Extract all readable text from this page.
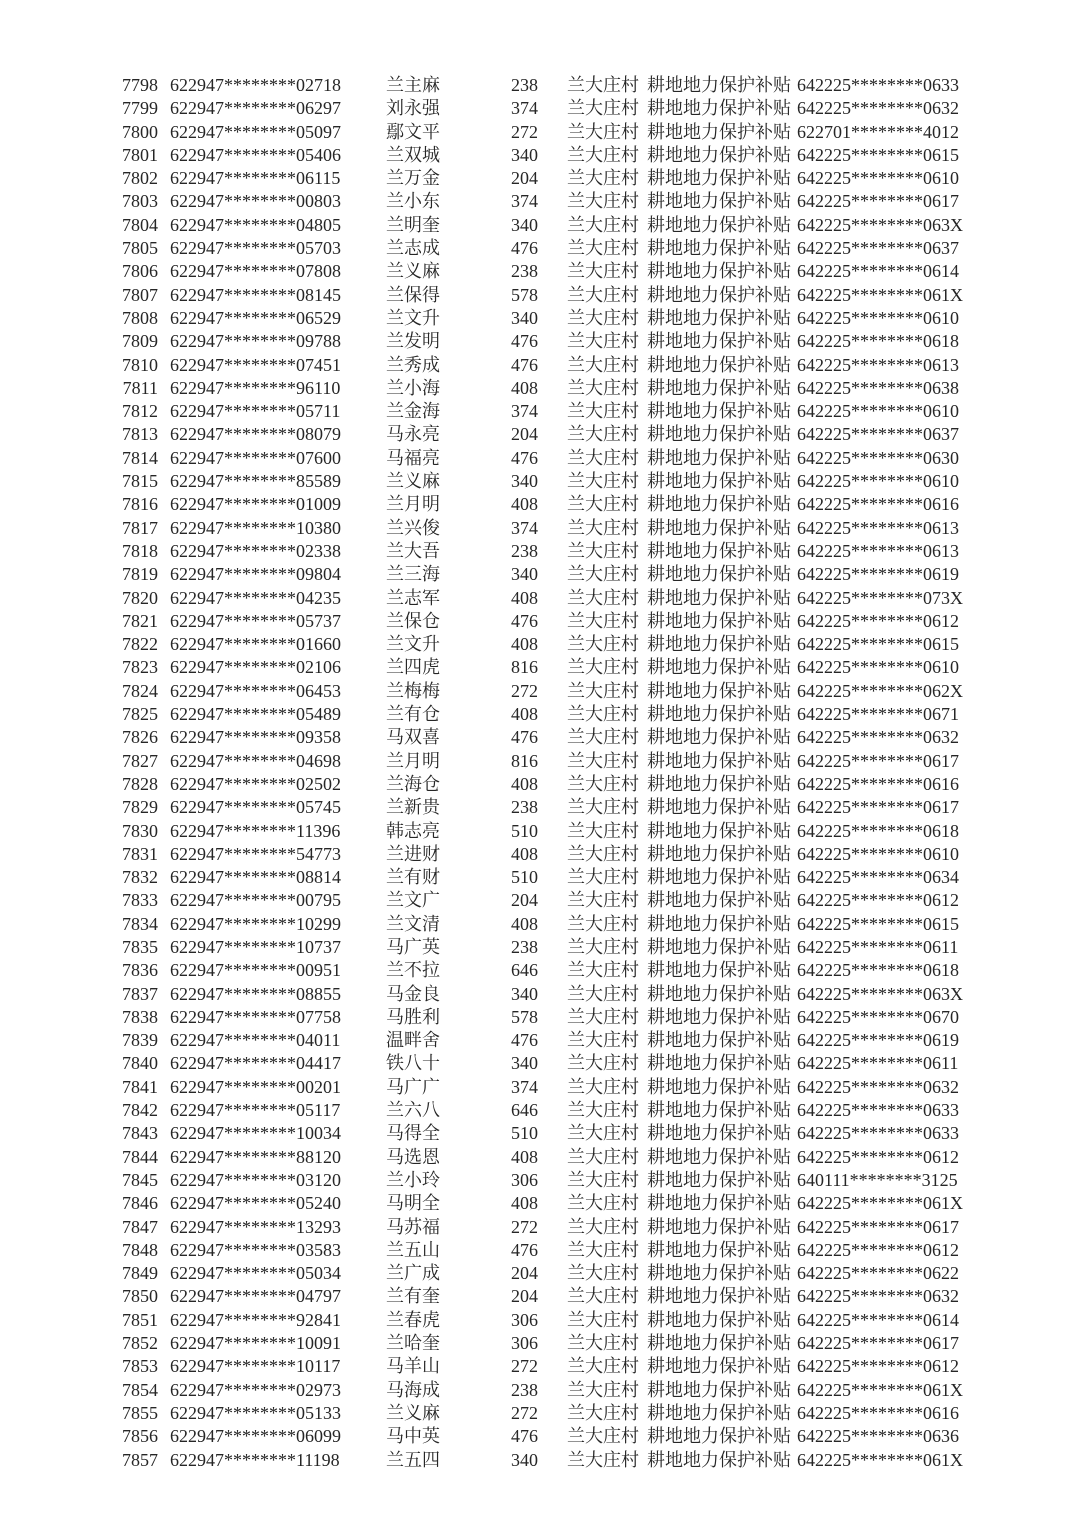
7798 622947********02718	兰主麻	238	兰大庄村 耕地地力保护补贴 642225********0633
7799 622947********06297	刘永强	374	兰大庄村 耕地地力保护补贴 642225********0632
7800 622947********05097	鄢文平	272	兰大庄村 耕地地力保护补贴 622701********4012
7801 622947********05406	兰双城	340	兰大庄村 耕地地力保护补贴 642225********0615
7802 622947********06115	兰万金	204	兰大庄村 耕地地力保护补贴 642225********0610
7803 622947********00803	兰小东	374	兰大庄村 耕地地力保护补贴 642225********0617
7804 622947********04805	兰明奎	340	兰大庄村 耕地地力保护补贴 642225********063X
7805 622947********05703	兰志成	476	兰大庄村 耕地地力保护补贴 642225********0637
7806 622947********07808	兰义麻	238	兰大庄村 耕地地力保护补贴 642225********0614
7807 622947********08145	兰保得	578	兰大庄村 耕地地力保护补贴 642225********061X
7808 622947********06529	兰文升	340	兰大庄村 耕地地力保护补贴 642225********0610
7809 622947********09788	兰发明	476	兰大庄村 耕地地力保护补贴 642225********0618
7810 622947********07451	兰秀成	476	兰大庄村 耕地地力保护补贴 642225********0613
7811 622947********96110	兰小海	408	兰大庄村 耕地地力保护补贴 642225********0638
7812 622947********05711	兰金海	374	兰大庄村 耕地地力保护补贴 642225********0610
7813 622947********08079	马永亮	204	兰大庄村 耕地地力保护补贴 642225********0637
7814 622947********07600	马福亮	476	兰大庄村 耕地地力保护补贴 642225********0630
7815 622947********85589	兰义麻	340	兰大庄村 耕地地力保护补贴 642225********0610
7816 622947********01009	兰月明	408	兰大庄村 耕地地力保护补贴 642225********0616
7817 622947********10380	兰兴俊	374	兰大庄村 耕地地力保护补贴 642225********0613
7818 622947********02338	兰大吾	238	兰大庄村 耕地地力保护补贴 642225********0613
7819 622947********09804	兰三海	340	兰大庄村 耕地地力保护补贴 642225********0619
7820 622947********04235	兰志军	408	兰大庄村 耕地地力保护补贴 642225********073X
7821 622947********05737	兰保仓	476	兰大庄村 耕地地力保护补贴 642225********0612
7822 622947********01660	兰文升	408	兰大庄村 耕地地力保护补贴 642225********0615
7823 622947********02106	兰四虎	816	兰大庄村 耕地地力保护补贴 642225********0610
7824 622947********06453	兰梅梅	272	兰大庄村 耕地地力保护补贴 642225********062X
7825 622947********05489	兰有仓	408	兰大庄村 耕地地力保护补贴 642225********0671
7826 622947********09358	马双喜	476	兰大庄村 耕地地力保护补贴 642225********0632
7827 622947********04698	兰月明	816	兰大庄村 耕地地力保护补贴 642225********0617
7828 622947********02502	兰海仓	408	兰大庄村 耕地地力保护补贴 642225********0616
7829 622947********05745	兰新贵	238	兰大庄村 耕地地力保护补贴 642225********0617
7830 622947********11396	韩志亮	510	兰大庄村 耕地地力保护补贴 642225********0618
7831 622947********54773	兰进财	408	兰大庄村 耕地地力保护补贴 642225********0610
7832 622947********08814	兰有财	510	兰大庄村 耕地地力保护补贴 642225********0634
7833 622947********00795	兰文广	204	兰大庄村 耕地地力保护补贴 642225********0612
7834 622947********10299	兰文清	408	兰大庄村 耕地地力保护补贴 642225********0615
7835 622947********10737	马广英	238	兰大庄村 耕地地力保护补贴 642225********0611
7836 622947********00951	兰不拉	646	兰大庄村 耕地地力保护补贴 642225********0618
7837 622947********08855	马金良	340	兰大庄村 耕地地力保护补贴 642225********063X
7838 622947********07758	马胜利	578	兰大庄村 耕地地力保护补贴 642225********0670
7839 622947********04011	温畔舍	476	兰大庄村 耕地地力保护补贴 642225********0619
7840 622947********04417	铁八十	340	兰大庄村 耕地地力保护补贴 642225********0611
7841 622947********00201	马广广	374	兰大庄村 耕地地力保护补贴 642225********0632
7842 622947********05117	兰六八	646	兰大庄村 耕地地力保护补贴 642225********0633
7843 622947********10034	马得全	510	兰大庄村 耕地地力保护补贴 642225********0633
7844 622947********88120	马选恩	408	兰大庄村 耕地地力保护补贴 642225********0612
7845 622947********03120	兰小玲	306	兰大庄村 耕地地力保护补贴 640111********3125
7846 622947********05240	马明全	408	兰大庄村 耕地地力保护补贴 642225********061X
7847 622947********13293	马苏福	272	兰大庄村 耕地地力保护补贴 642225********0617
7848 622947********03583	兰五山	476	兰大庄村 耕地地力保护补贴 642225********0612
7849 622947********05034	兰广成	204	兰大庄村 耕地地力保护补贴 642225********0622
7850 622947********04797	兰有奎	204	兰大庄村 耕地地力保护补贴 642225********0632
7851 622947********92841	兰春虎	306	兰大庄村 耕地地力保护补贴 642225********0614
7852 622947********10091	兰哈奎	306	兰大庄村 耕地地力保护补贴 642225********0617
7853 622947********10117	马羊山	272	兰大庄村 耕地地力保护补贴 642225********0612
7854 622947********02973	马海成	238	兰大庄村 耕地地力保护补贴 642225********061X
7855 622947********05133	兰义麻	272	兰大庄村 耕地地力保护补贴 642225********0616
7856 622947********06099	马中英	476	兰大庄村 耕地地力保护补贴 642225********0636
7857 622947********11198	兰五四	340	兰大庄村 耕地地力保护补贴 642225********061X
